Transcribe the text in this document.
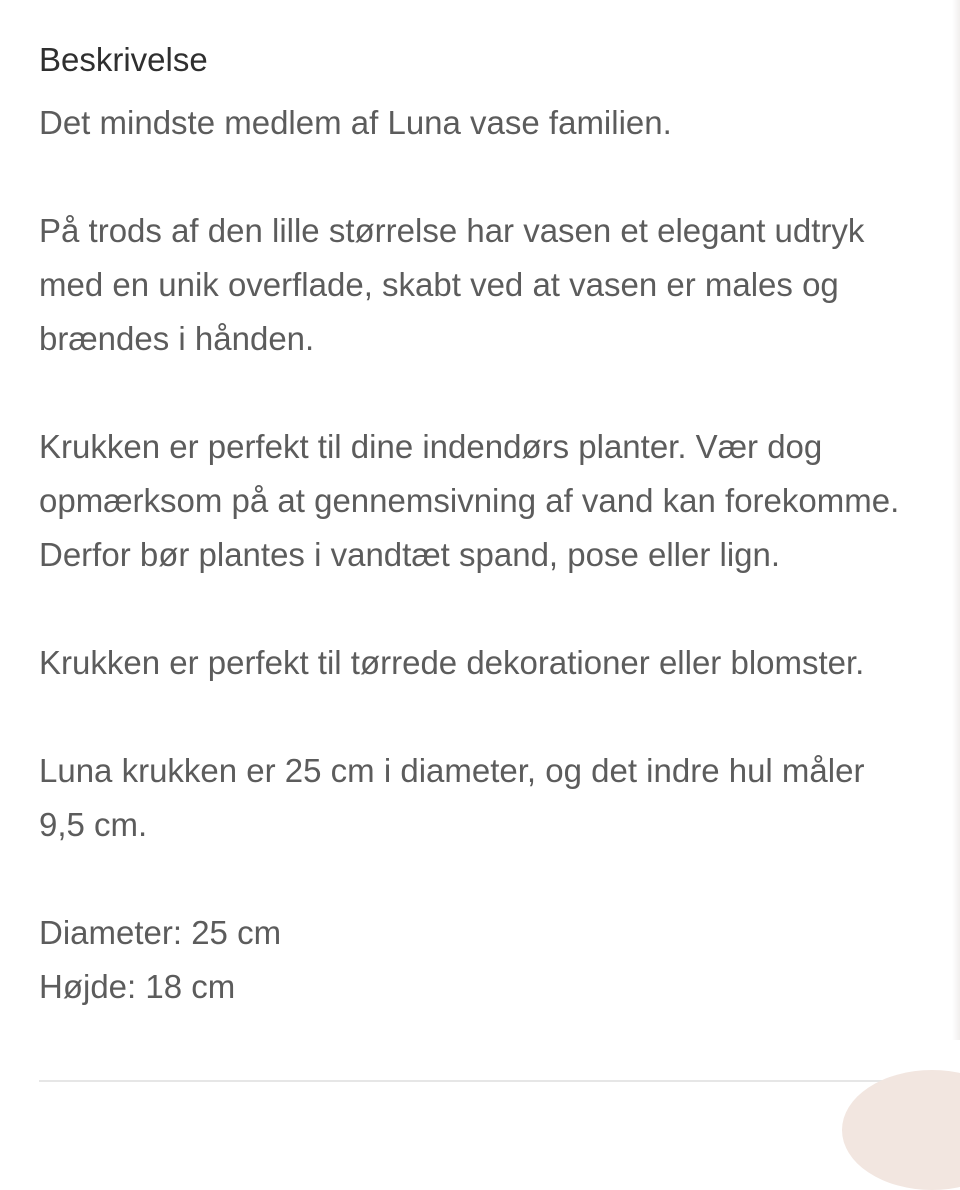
Beskrivelse

Det mindste medlem af Luna vase familien.

På trods af den lille størrelse har vasen et elegant udtryk
med en unik overflade, skabt ved at vasen er males og
brændes i hånden.

Krukken er perfekt til dine indendørs planter. Vær dog
opmærksom på at gennemsivning af vand kan forekomme.
Derfor bør plantes i vandtæt spand, pose eller lign.

Krukken er perfekt til tørrede dekorationer eller blomster.

Luna krukken er 25 cm i diameter, og det indre hul måler
9,5 cm.

Diameter: 25 cm
Højde: 18 cm
